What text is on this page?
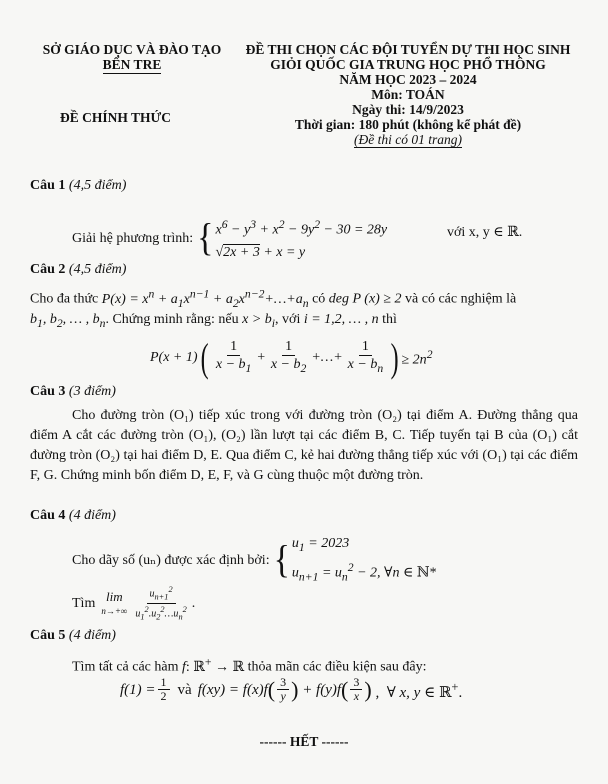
SỞ GIÁO DỤC VÀ ĐÀO TẠO
BẾN TRE
ĐỀ CHÍNH THỨC
ĐỀ THI CHỌN CÁC ĐỘI TUYỂN DỰ THI HỌC SINH
GIỎI QUỐC GIA TRUNG HỌC PHỔ THÔNG
NĂM HỌC 2023 – 2024
Môn: TOÁN
Ngày thi: 14/9/2023
Thời gian: 180 phút (không kể phát đề)
(Đề thi có 01 trang)
Câu 1 (4,5 điểm)
Giải hệ phương trình: { $x^6 - y^3 + x^2 - 9y^2 - 30 = 28y$
√2x + 3 + x = y
với x, y ∈ ℝ.
Câu 2 (4,5 điểm)
Cho đa thức $P(x) = x^n + a_1x^{n-1}$ + $a_2x^{n-2}+\dots+a_n$ có deg P (x) ≥ 2 và có các nghiệm là
$b_1$, $b_2$, … , $b_n$. Chứng minh rằng: nếu $x > b_i$, với i = 1,2, … , n thì
P(x + 1) ( $\frac{1}{x - b_1} + \frac{1}{x - b_2}$ +…+ $\frac{1}{x - b_n}$ ) ≥ $2n^2$
Câu 3 (3 điểm)
Cho đường tròn (O₁) tiếp xúc trong với đường tròn (O₂) tại điểm A. Đường thẳng qua điểm A cắt các đường tròn (O₁), (O₂) lần lượt tại các điểm B, C. Tiếp tuyến tại B của (O₁) cắt đường tròn (O₂) tại hai điểm D, E. Qua điểm C, kẻ hai đường thẳng tiếp xúc với (O₁) tại các điểm F, G. Chứng minh bốn điểm D, E, F, và G cùng thuộc một đường tròn.
Câu 4 (4 điểm)
Cho dãy số (uₙ) được xác định bởi: { $u_1 = 2023$
$u_{n+1} = u_n^2 - 2$, ∀n ∈ ℕ*
Tìm lim
$n\to+\infty \frac{u_{n+1}^2}{u_1^2.u_2^2\dots u_n^2}$ .
Câu 5 (4 điểm)
Tìm tất cả các hàm f: ℝ+ → ℝ thỏa mãn các điều kiện sau đây:
$f(1) = \frac{1}{2}$ và f(xy) = f(x)f ( $\frac{3}{y}$ ) + f(y)f ( $\frac{3}{x}$ ) ,  ∀ x, y ∈ ℝ+.
------ HẾT ------
